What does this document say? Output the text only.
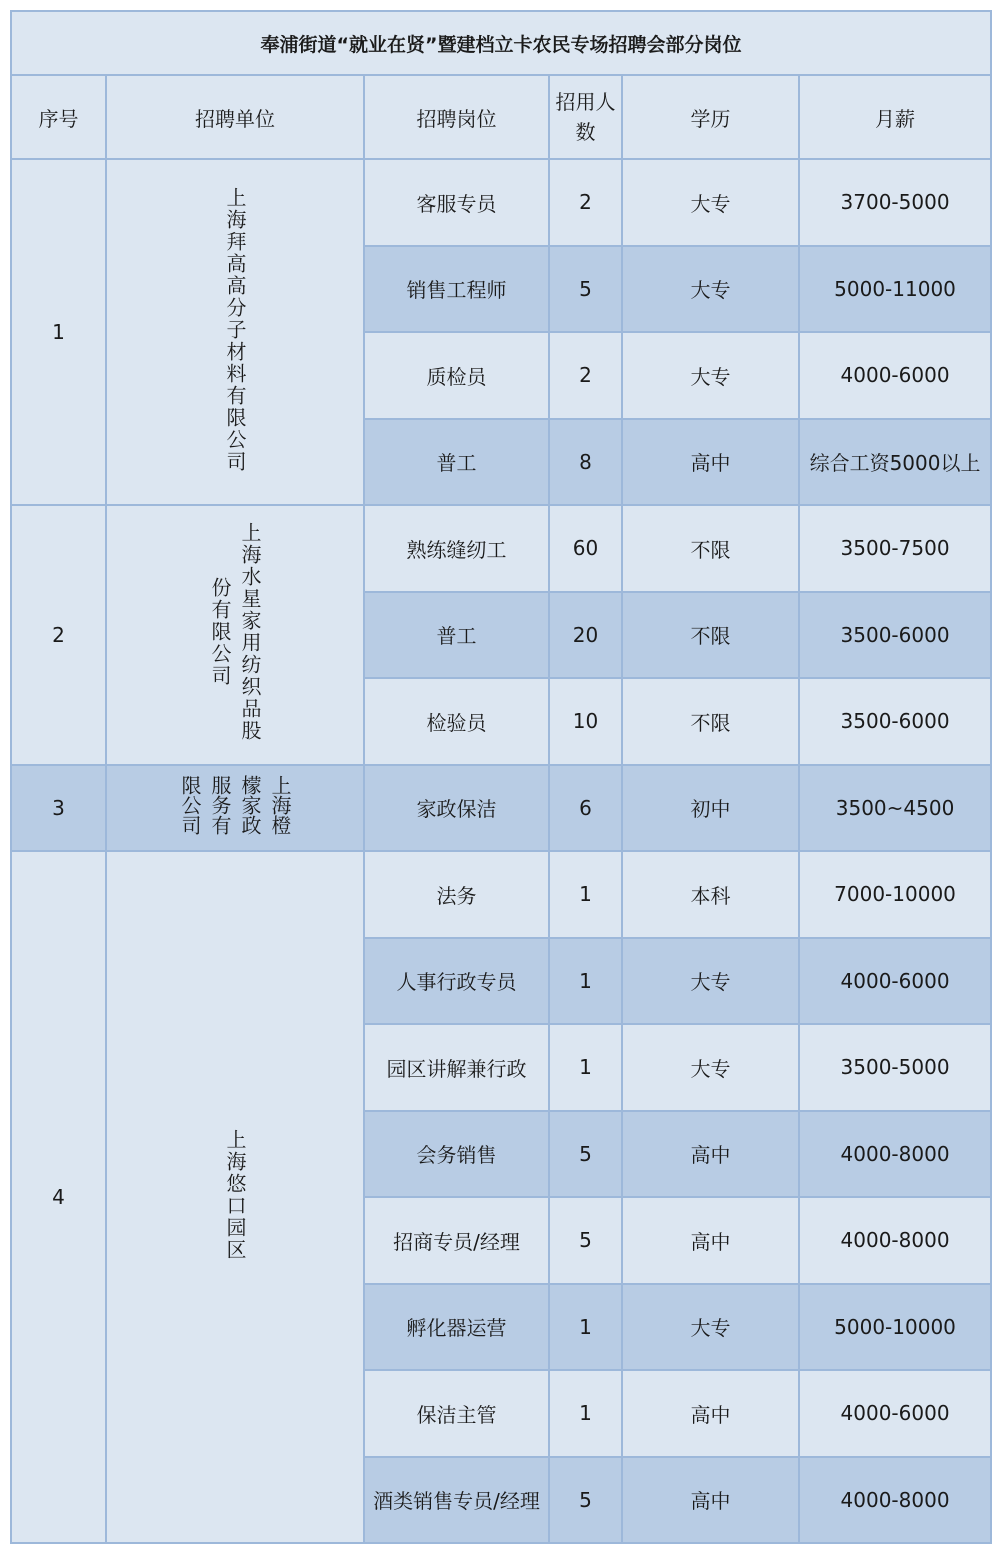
奉浦街道“就业在贤”暨建档立卡农民专场招聘会部分岗位					
序号	招聘单位	招聘岗位	招用人数	学历	月薪
1	上海拜高高分子材料有限公司	客服专员	2	大专	3700-5000
		销售工程师	5	大专	5000-11000
		质检员	2	大专	4000-6000
		普工	8	高中	综合工资5000以上
2	上海水星家用纺织品股份有限公司	熟练缝纫工	60	不限	3500-7500
		普工	20	不限	3500-6000
		检验员	10	不限	3500-6000
3	上海橙檬家政服务有限公司	家政保洁	6	初中	3500~4500
4	上海悠口园区	法务	1	本科	7000-10000
		人事行政专员	1	大专	4000-6000
		园区讲解兼行政	1	大专	3500-5000
		会务销售	5	高中	4000-8000
		招商专员/经理	5	高中	4000-8000
		孵化器运营	1	大专	5000-10000
		保洁主管	1	高中	4000-6000
		酒类销售专员/经理	5	高中	4000-8000
